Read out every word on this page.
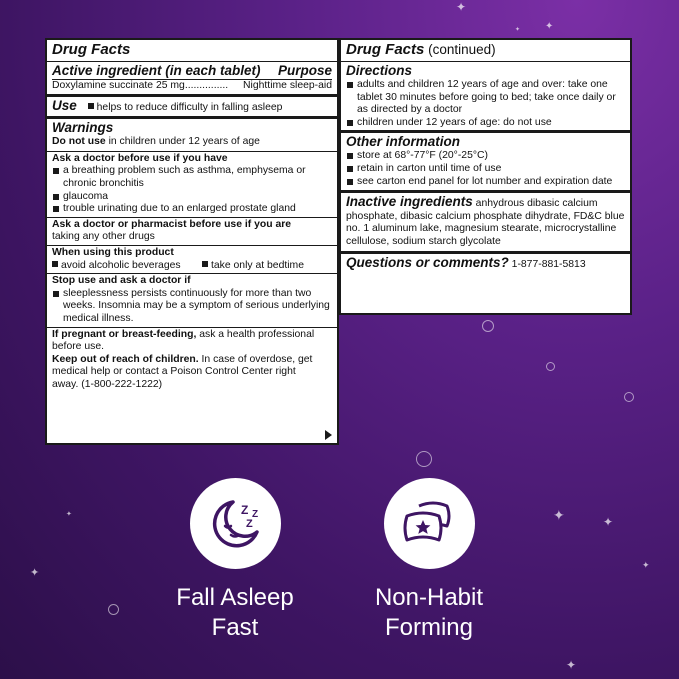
✦
✦
✦
✦
✦
✦
✦
✦
✦
Drug Facts
Active ingredient (in each tablet) Purpose
Doxylamine succinate 25 mg............... Nighttime sleep-aid
Use helps to reduce difficulty in falling asleep
Warnings
Do not use in children under 12 years of age
Ask a doctor before use if you have
a breathing problem such as asthma, emphysema or chronic bronchitis
glaucoma
trouble urinating due to an enlarged prostate gland
Ask a doctor or pharmacist before use if you are
taking any other drugs
When using this product
avoid alcoholic beverages	take only at bedtime
Stop use and ask a doctor if
sleeplessness persists continuously for more than two weeks. Insomnia may be a symptom of serious underlying medical illness.
If pregnant or breast-feeding, ask a health professional before use.
Keep out of reach of children. In case of overdose, get medical help or contact a Poison Control Center right away. (1-800-222-1222)
Drug Facts (continued)
Directions
adults and children 12 years of age and over: take one tablet 30 minutes before going to bed; take once daily or as directed by a doctor
children under 12 years of age: do not use
Other information
store at 68°-77°F (20°-25°C)
retain in carton until time of use
see carton end panel for lot number and expiration date
Inactive ingredients anhydrous dibasic calcium phosphate, dibasic calcium phosphate dihydrate, FD&C blue no. 1 aluminum lake, magnesium stearate, microcrystalline cellulose, sodium starch glycolate
Questions or comments? 1-877-881-5813
Z Z
Z
Fall Asleep
Fast
Non-Habit
Forming
